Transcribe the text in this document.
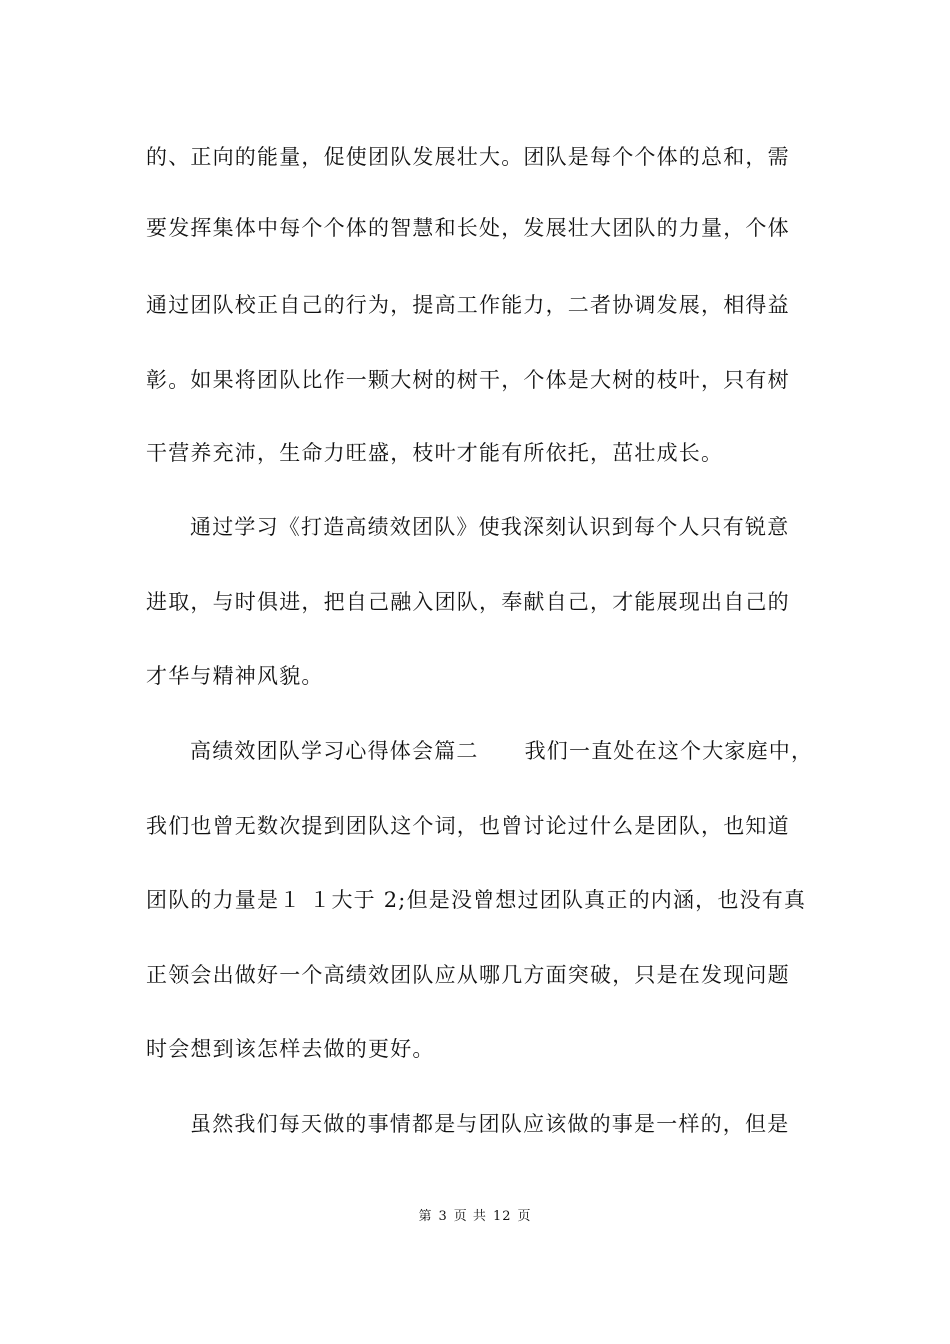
的、正向的能量，促使团队发展壮大。团队是每个个体的总和，需
要发挥集体中每个个体的智慧和长处，发展壮大团队的力量，个体
通过团队校正自己的行为，提高工作能力，二者协调发展，相得益
彰。如果将团队比作一颗大树的树干，个体是大树的枝叶，只有树
干营养充沛，生命力旺盛，枝叶才能有所依托，茁壮成长。
通过学习《打造高绩效团队》使我深刻认识到每个人只有锐意
进取，与时俱进，把自己融入团队，奉献自己，才能展现出自己的
才华与精神风貌。
高绩效团队学习心得体会篇二 我们一直处在这个大家庭中，
我们也曾无数次提到团队这个词，也曾讨论过什么是团队，也知道
团队的力量是１ １大于 2;但是没曾想过团队真正的内涵，也没有真
正领会出做好一个高绩效团队应从哪几方面突破，只是在发现问题
时会想到该怎样去做的更好。
虽然我们每天做的事情都是与团队应该做的事是一样的，但是
第 3 页 共 12 页
